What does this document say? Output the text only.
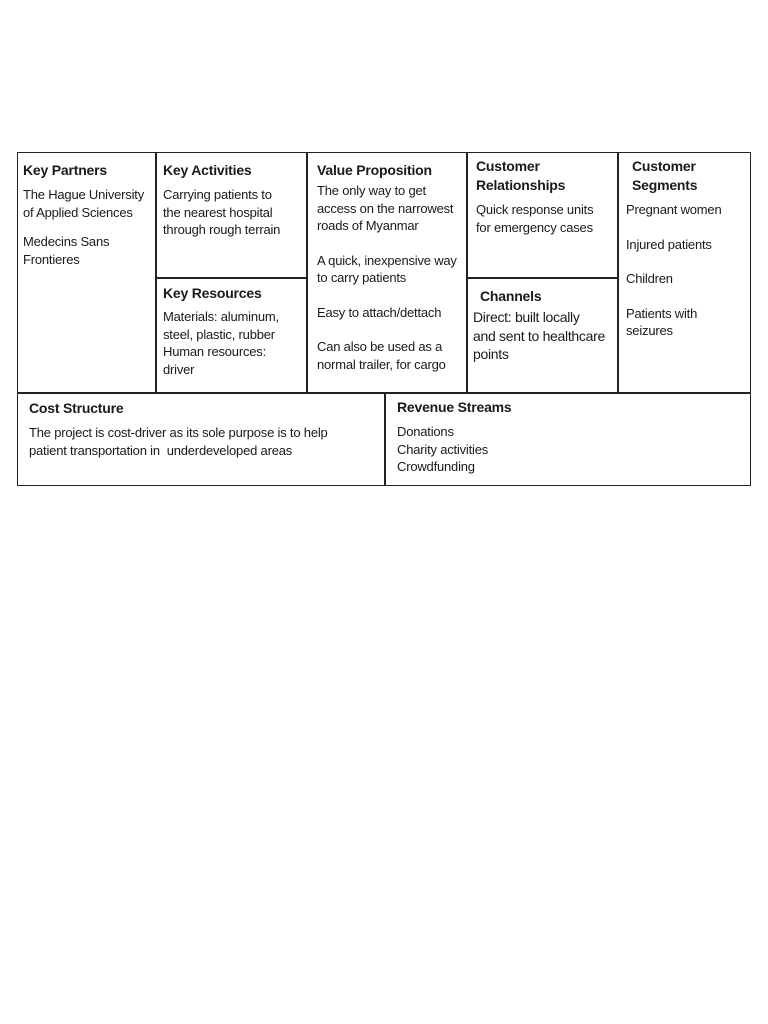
Key Partners

The Hague University
of Applied Sciences
Medecins Sans
Frontieres

Key Activities

Carrying patients to
the nearest hospital
through rough terrain

Key Resources

Materials: aluminum,
steel, plastic, rubber
Human resources:
driver

Value Proposition

The only way to get
access on the narrowest
roads of Myanmar
A quick, inexpensive way
to carry patients
Easy to attach/dettach
Can also be used as a
normal trailer, for cargo
Customer
Relationships
Quick response units
for emergency cases

Channels

Direct: built locally
and sent to healthcare
points
Customer
Segments
Pregnant women
Injured patients
Children
Patients with
seizures

Cost Structure

The project is cost-driver as its sole purpose is to help
patient transportation in  underdeveloped areas

Revenue Streams

Donations
Charity activities
Crowdfunding
